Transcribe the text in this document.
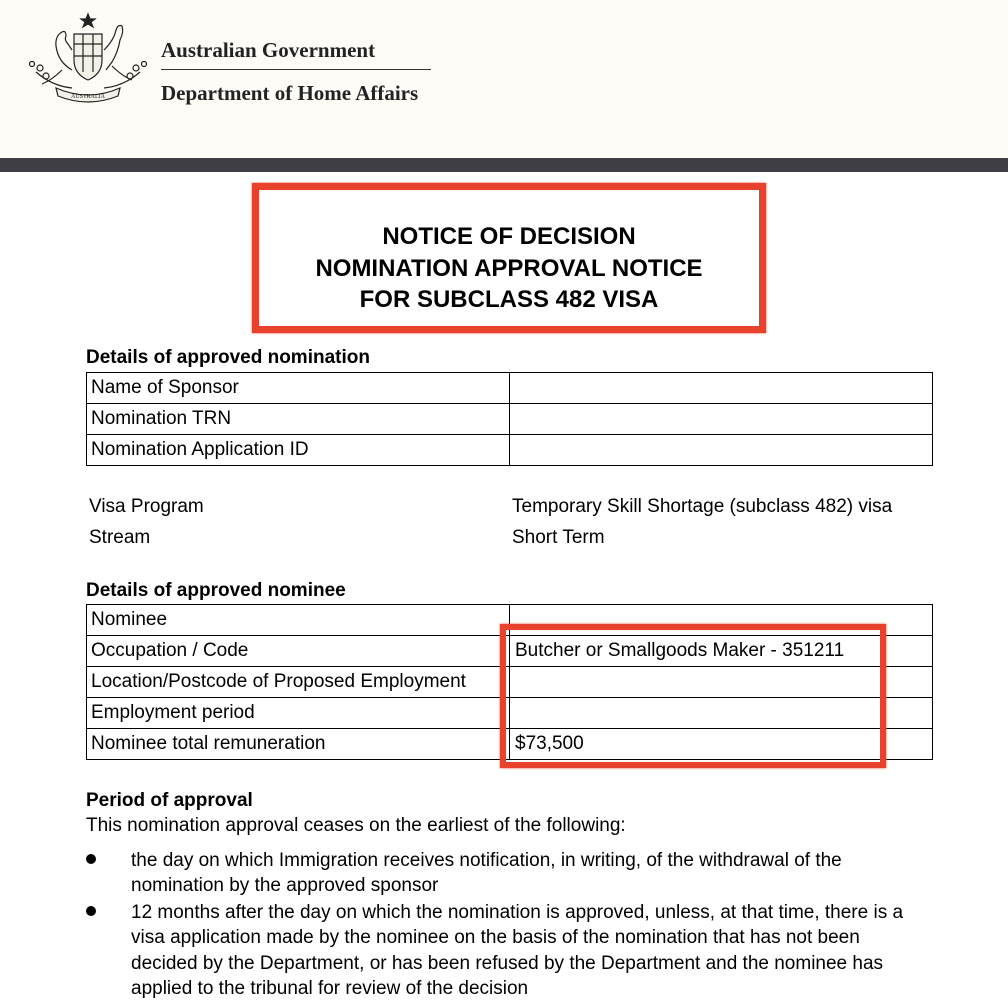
AUSTRALIA
Australian Government
Department of Home Affairs
NOTICE OF DECISION
NOMINATION APPROVAL NOTICE
FOR SUBCLASS 482 VISA
Details of approved nomination
Name of Sponsor	
Nomination TRN	
Nomination Application ID	
Visa Program	Temporary Skill Shortage (subclass 482) visa
Stream	Short Term
Details of approved nominee
Nominee	
Occupation / Code	Butcher or Smallgoods Maker - 351211
Location/Postcode of Proposed Employment	
Employment period	
Nominee total remuneration	$73,500
Period of approval
This nomination approval ceases on the earliest of the following:
the day on which Immigration receives notification, in writing, of the withdrawal of the nomination by the approved sponsor
12 months after the day on which the nomination is approved, unless, at that time, there is a visa application made by the nominee on the basis of the nomination that has not been decided by the Department, or has been refused by the Department and the nominee has applied to the tribunal for review of the decision
